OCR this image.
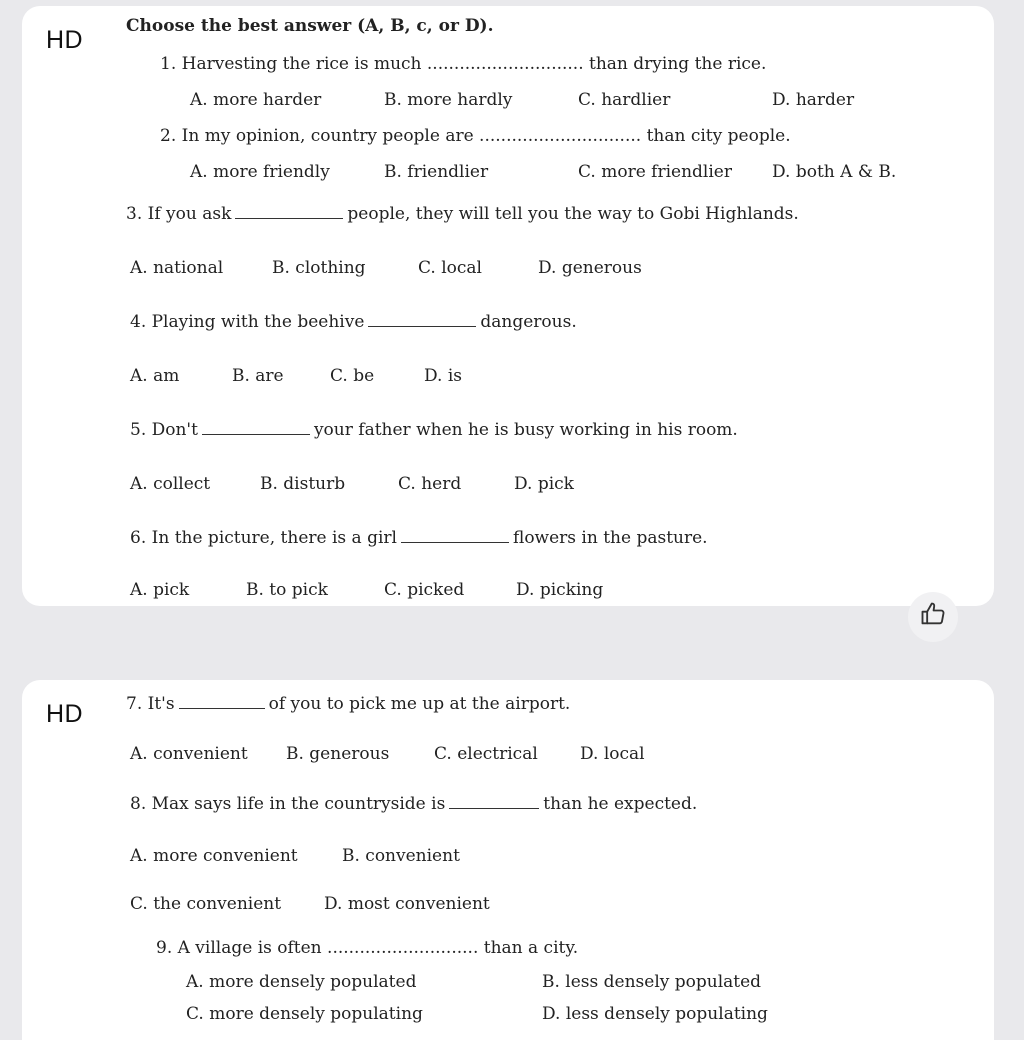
HD	Choose the best answer (A, B, c, or D).
1. Harvesting the rice is much ............................. than drying the rice.
A. more harder	B. more hardly	C. hardlier	D. harder
2. In my opinion, country people are .............................. than city people.
A. more friendly	B. friendlier	C. more friendlier D. both A & B.
3. If you ask	people, they will tell you the way to Gobi Highlands.
A. national	B. clothing	C. local	D. generous
4. Playing with the beehive	dangerous.
A. am	B. are	C. be	D. is
5. Don't	your father when he is busy working in his room.
A. collect	B. disturb	C. herd	D. pick
6. In the picture, there is a girl	flowers in the pasture.
A. pick	B. to pick	C. picked	D. picking
HD	7. It's	of you to pick me up at the airport.
A. convenient B. generous	C. electrical D. local
8. Max says life in the countryside is	than he expected.
A. more convenient	B. convenient
C. the convenient	D. most convenient
9. A village is often ............................ than a city.
A. more densely populated	B. less densely populated
C. more densely populating	D. less densely populating
